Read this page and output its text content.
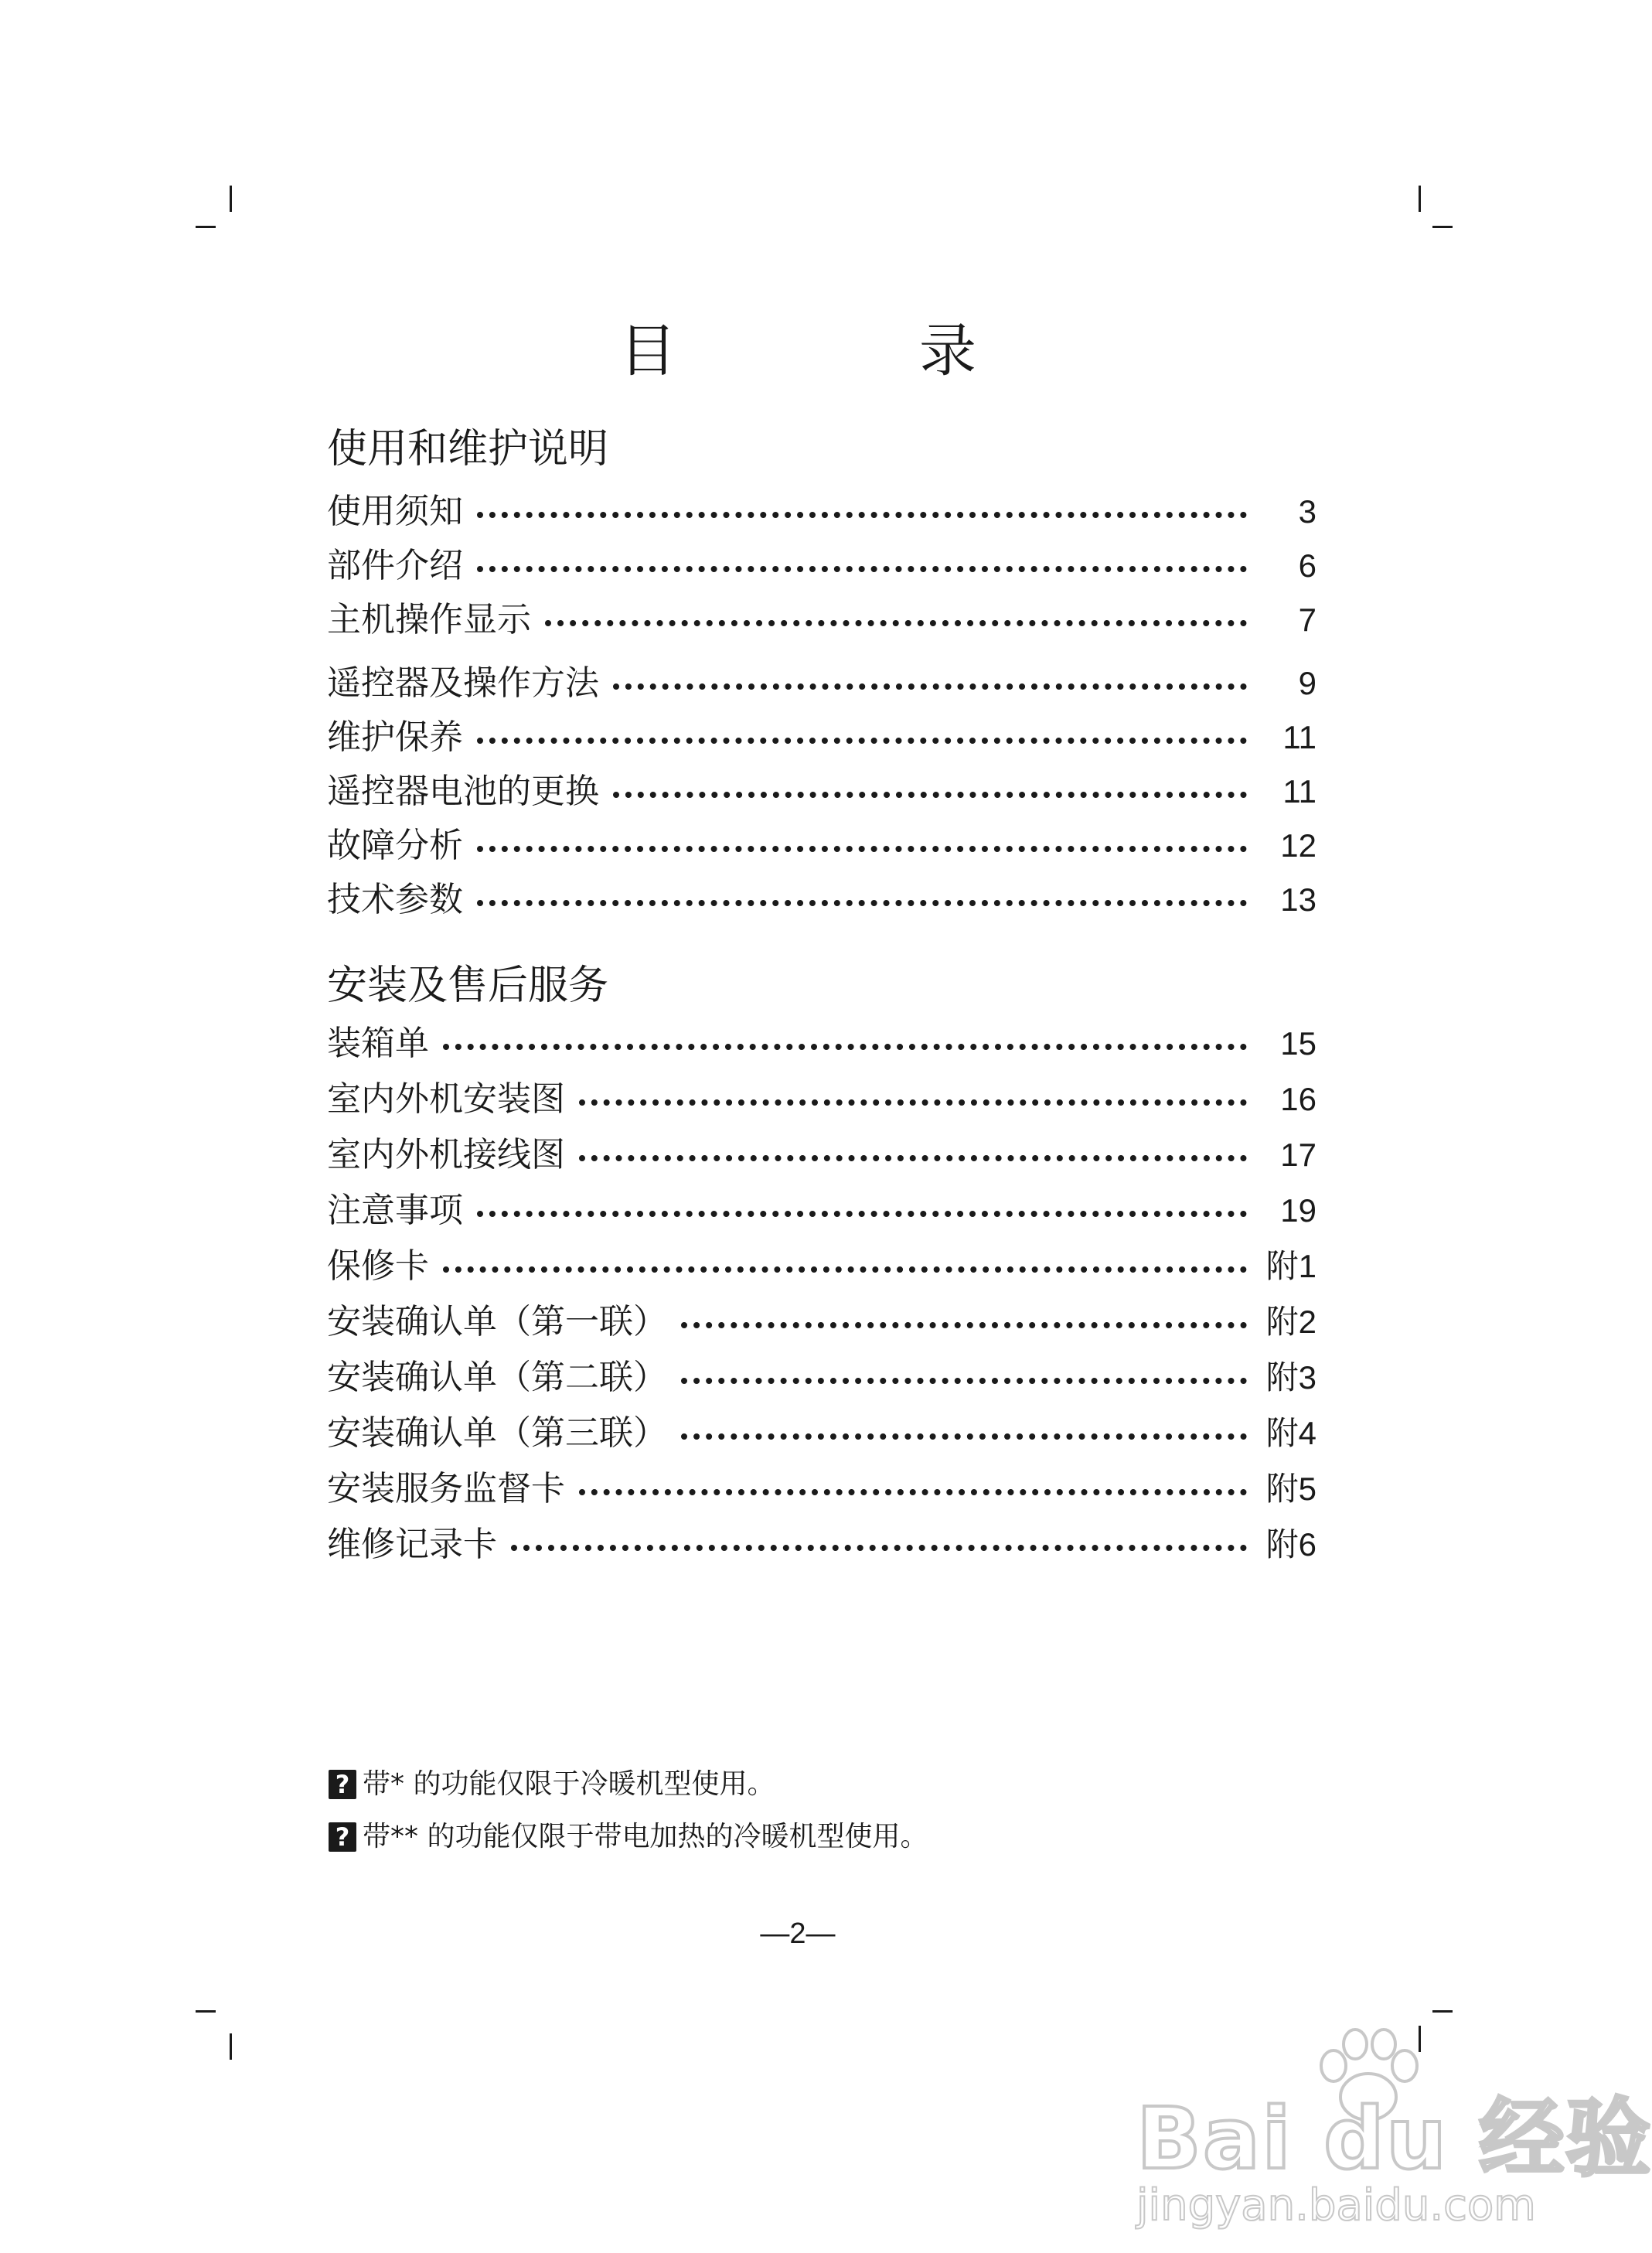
目　录
使用和维护说明
使用须知	3
部件介绍	6
主机操作显示	7
遥控器及操作方法	9
维护保养	11
遥控器电池的更换	11
故障分析	12
技术参数	13
安装及售后服务
装箱单	15
室内外机安装图	16
室内外机接线图	17
注意事项	19
保修卡	附1
安装确认单（第一联）	附2
安装确认单（第二联）	附3
安装确认单（第三联）	附4
安装服务监督卡	附5
维修记录卡	附6
? 带* 的功能仅限于冷暖机型使用。
? 带** 的功能仅限于带电加热的冷暖机型使用。
—2—
Bai du 经验
jingyan.baidu.com
